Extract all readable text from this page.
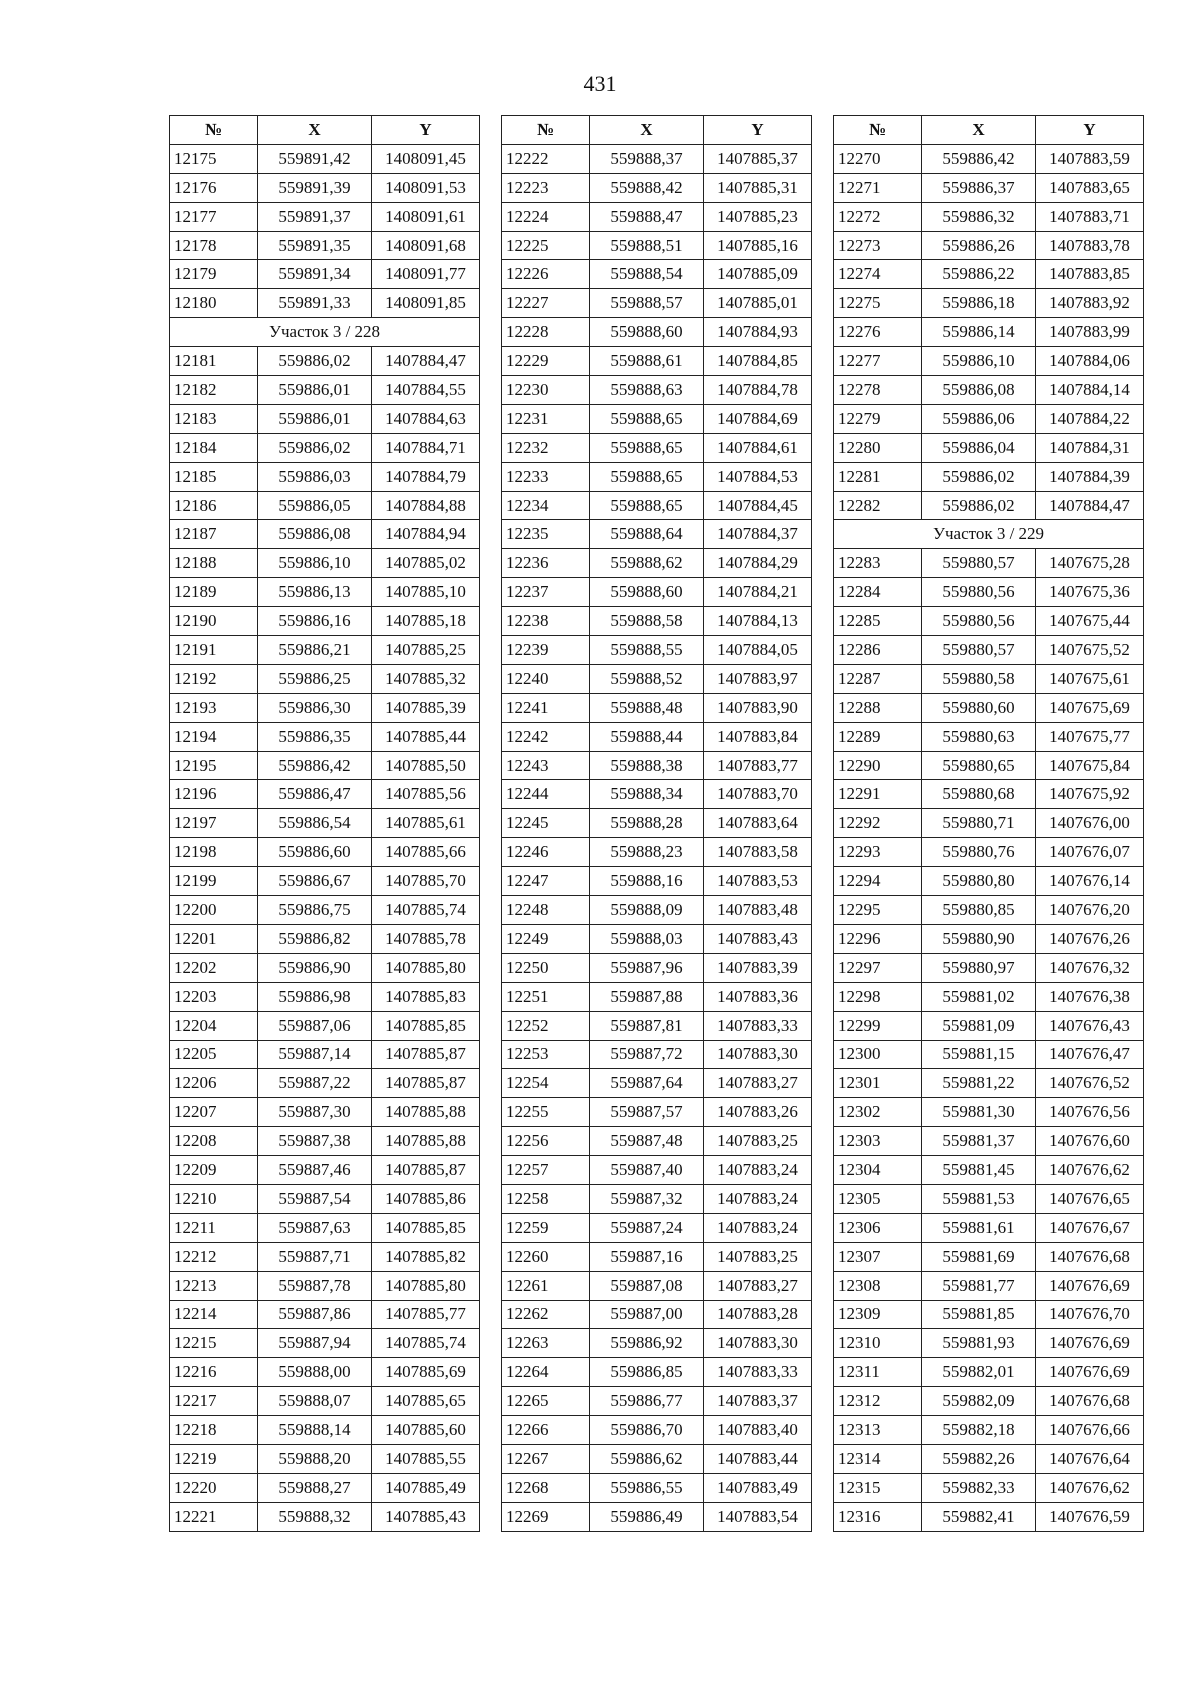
431
№	X	Y
12175	559891,42	1408091,45
12176	559891,39	1408091,53
12177	559891,37	1408091,61
12178	559891,35	1408091,68
12179	559891,34	1408091,77
12180	559891,33	1408091,85
Участок 3 / 228		
12181	559886,02	1407884,47
12182	559886,01	1407884,55
12183	559886,01	1407884,63
12184	559886,02	1407884,71
12185	559886,03	1407884,79
12186	559886,05	1407884,88
12187	559886,08	1407884,94
12188	559886,10	1407885,02
12189	559886,13	1407885,10
12190	559886,16	1407885,18
12191	559886,21	1407885,25
12192	559886,25	1407885,32
12193	559886,30	1407885,39
12194	559886,35	1407885,44
12195	559886,42	1407885,50
12196	559886,47	1407885,56
12197	559886,54	1407885,61
12198	559886,60	1407885,66
12199	559886,67	1407885,70
12200	559886,75	1407885,74
12201	559886,82	1407885,78
12202	559886,90	1407885,80
12203	559886,98	1407885,83
12204	559887,06	1407885,85
12205	559887,14	1407885,87
12206	559887,22	1407885,87
12207	559887,30	1407885,88
12208	559887,38	1407885,88
12209	559887,46	1407885,87
12210	559887,54	1407885,86
12211	559887,63	1407885,85
12212	559887,71	1407885,82
12213	559887,78	1407885,80
12214	559887,86	1407885,77
12215	559887,94	1407885,74
12216	559888,00	1407885,69
12217	559888,07	1407885,65
12218	559888,14	1407885,60
12219	559888,20	1407885,55
12220	559888,27	1407885,49
12221	559888,32	1407885,43
№	X	Y
12222	559888,37	1407885,37
12223	559888,42	1407885,31
12224	559888,47	1407885,23
12225	559888,51	1407885,16
12226	559888,54	1407885,09
12227	559888,57	1407885,01
12228	559888,60	1407884,93
12229	559888,61	1407884,85
12230	559888,63	1407884,78
12231	559888,65	1407884,69
12232	559888,65	1407884,61
12233	559888,65	1407884,53
12234	559888,65	1407884,45
12235	559888,64	1407884,37
12236	559888,62	1407884,29
12237	559888,60	1407884,21
12238	559888,58	1407884,13
12239	559888,55	1407884,05
12240	559888,52	1407883,97
12241	559888,48	1407883,90
12242	559888,44	1407883,84
12243	559888,38	1407883,77
12244	559888,34	1407883,70
12245	559888,28	1407883,64
12246	559888,23	1407883,58
12247	559888,16	1407883,53
12248	559888,09	1407883,48
12249	559888,03	1407883,43
12250	559887,96	1407883,39
12251	559887,88	1407883,36
12252	559887,81	1407883,33
12253	559887,72	1407883,30
12254	559887,64	1407883,27
12255	559887,57	1407883,26
12256	559887,48	1407883,25
12257	559887,40	1407883,24
12258	559887,32	1407883,24
12259	559887,24	1407883,24
12260	559887,16	1407883,25
12261	559887,08	1407883,27
12262	559887,00	1407883,28
12263	559886,92	1407883,30
12264	559886,85	1407883,33
12265	559886,77	1407883,37
12266	559886,70	1407883,40
12267	559886,62	1407883,44
12268	559886,55	1407883,49
12269	559886,49	1407883,54
№	X	Y
12270	559886,42	1407883,59
12271	559886,37	1407883,65
12272	559886,32	1407883,71
12273	559886,26	1407883,78
12274	559886,22	1407883,85
12275	559886,18	1407883,92
12276	559886,14	1407883,99
12277	559886,10	1407884,06
12278	559886,08	1407884,14
12279	559886,06	1407884,22
12280	559886,04	1407884,31
12281	559886,02	1407884,39
12282	559886,02	1407884,47
Участок 3 / 229		
12283	559880,57	1407675,28
12284	559880,56	1407675,36
12285	559880,56	1407675,44
12286	559880,57	1407675,52
12287	559880,58	1407675,61
12288	559880,60	1407675,69
12289	559880,63	1407675,77
12290	559880,65	1407675,84
12291	559880,68	1407675,92
12292	559880,71	1407676,00
12293	559880,76	1407676,07
12294	559880,80	1407676,14
12295	559880,85	1407676,20
12296	559880,90	1407676,26
12297	559880,97	1407676,32
12298	559881,02	1407676,38
12299	559881,09	1407676,43
12300	559881,15	1407676,47
12301	559881,22	1407676,52
12302	559881,30	1407676,56
12303	559881,37	1407676,60
12304	559881,45	1407676,62
12305	559881,53	1407676,65
12306	559881,61	1407676,67
12307	559881,69	1407676,68
12308	559881,77	1407676,69
12309	559881,85	1407676,70
12310	559881,93	1407676,69
12311	559882,01	1407676,69
12312	559882,09	1407676,68
12313	559882,18	1407676,66
12314	559882,26	1407676,64
12315	559882,33	1407676,62
12316	559882,41	1407676,59
